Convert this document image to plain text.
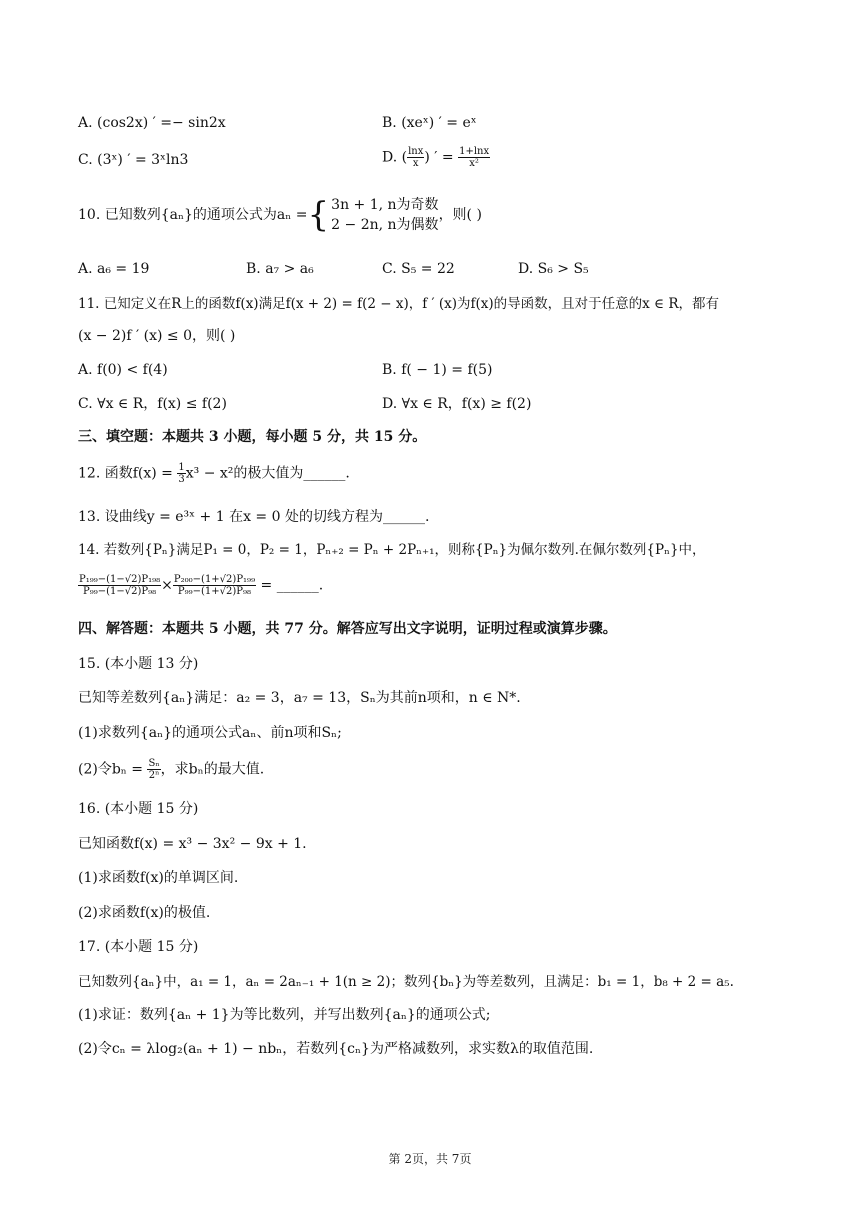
A. (cos2x) ′ =− sin2x	B. (xeˣ) ′ = eˣ
C. (3ˣ) ′ = 3ˣln3	D. ( $\frac{\ln x}{x}$ ) ′ = $\frac{1+\ln x}{\text{x²}}$
10. 已知数列{aₙ}的通项公式为aₙ = { 3n + 1, n为奇数
2 − 2n, n为偶数
，则( )
A. a₆ = 19	B. a₇ > a₆	C. S₅ = 22	D. S₆ > S₅
11. 已知定义在R上的函数f(x)满足f(x + 2) = f(2 − x)，f ′ (x)为f(x)的导函数，且对于任意的x ∈ R，都有
(x − 2)f ′ (x) ≤ 0，则( )
A. f(0) < f(4)	B. f( − 1) = f(5)
C. ∀x ∈ R，f(x) ≤ f(2)	D. ∀x ∈ R，f(x) ≥ f(2)
三、填空题：本题共 3 小题，每小题 5 分，共 15 分。
12. 函数$f(x) = \frac{1}{3} x^3 - x^2$的极大值为______.
13. 设曲线y = e³ˣ + 1 在x = 0 处的切线方程为______.
14. 若数列{Pₙ}满足P₁ = 0，P₂ = 1，Pₙ₊₂ = Pₙ + 2Pₙ₊₁，则称{Pₙ}为佩尔数列.在佩尔数列{Pₙ}中，
$\frac{\text{P₁₉₉−(1−√2)P₁₉₈}}{\text{P₉₉−(1−√2)P₉₈}} \times \frac{\text{P₂₀₀−(1+√2)P₁₉₉}}{\text{P₉₉−(1+√2)P₉₈}}$ = ______.
四、解答题：本题共 5 小题，共 77 分。解答应写出文字说明，证明过程或演算步骤。
15. (本小题 13 分)
已知等差数列{aₙ}满足：a₂ = 3，a₇ = 13，Sₙ为其前n项和，n ∈ N*.
(1)求数列{aₙ}的通项公式aₙ、前n项和Sₙ;
(2)令$b_n = \frac{\text{Sₙ}}{\text{2ⁿ}}$ ，求bₙ的最大值.
16. (本小题 15 分)
已知函数f(x) = x³ − 3x² − 9x + 1.
(1)求函数f(x)的单调区间.
(2)求函数f(x)的极值.
17. (本小题 15 分)
已知数列{aₙ}中，a₁ = 1，aₙ = 2aₙ₋₁ + 1(n ≥ 2)；数列{bₙ}为等差数列，且满足：b₁ = 1，b₈ + 2 = a₅.
(1)求证：数列{aₙ + 1}为等比数列，并写出数列{aₙ}的通项公式;
(2)令cₙ = λlog₂(aₙ + 1) − nbₙ，若数列{cₙ}为严格减数列，求实数λ的取值范围.
第 2页，共 7页
